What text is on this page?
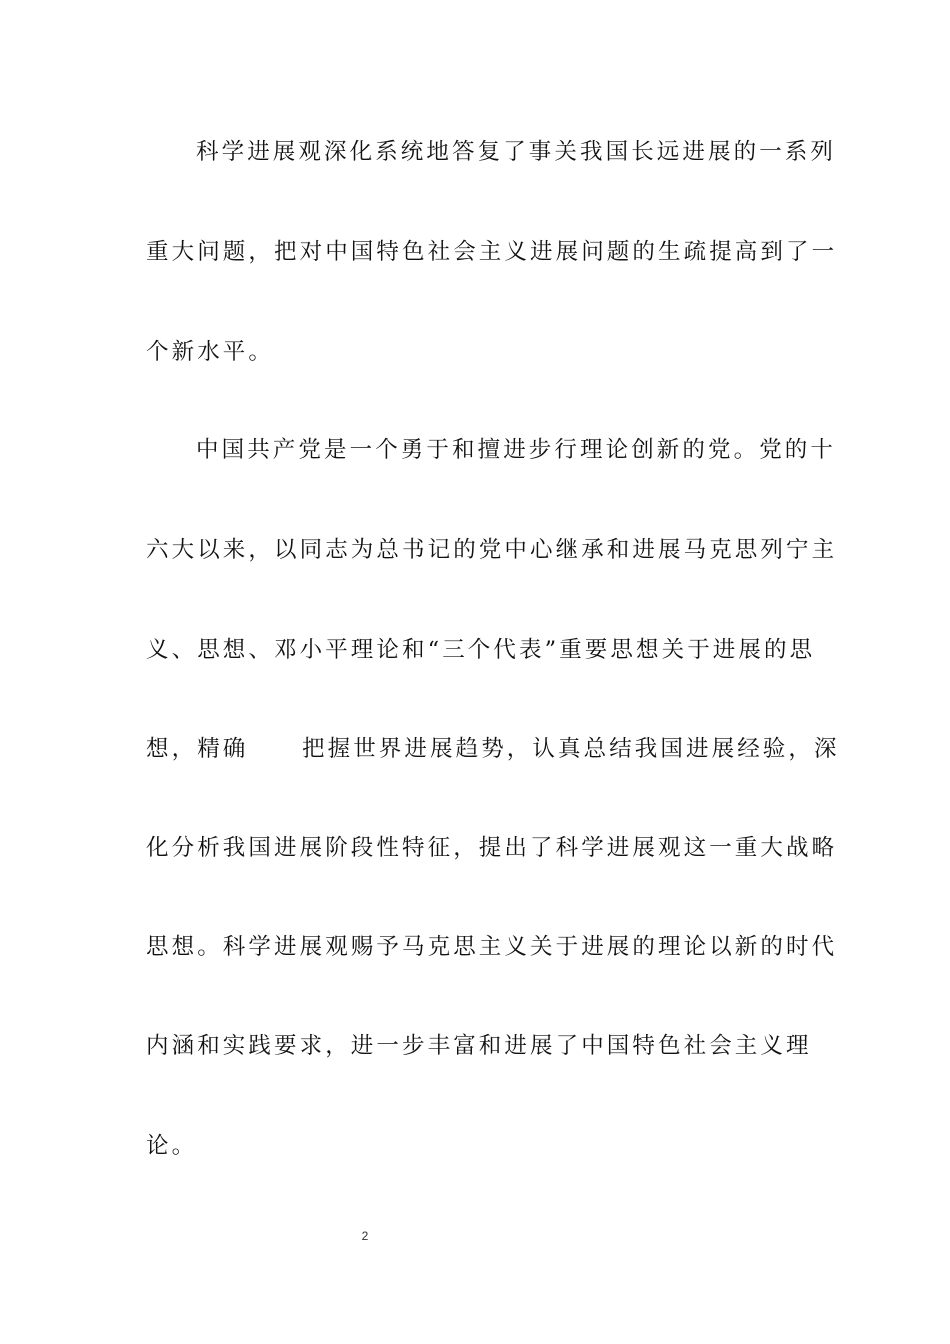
科学进展观深化系统地答复了事关我国长远进展的一系列
重大问题，把对中国特色社会主义进展问题的生疏提高到了一
个新水平。
中国共产党是一个勇于和擅进步行理论创新的党。党的十
六大以来，以同志为总书记的党中心继承和进展马克思列宁主
义、思想、邓小平理论和“三个代表”重要思想关于进展的思
想，精确 把握世界进展趋势，认真总结我国进展经验，深
化分析我国进展阶段性特征，提出了科学进展观这一重大战略
思想。科学进展观赐予马克思主义关于进展的理论以新的时代
内涵和实践要求，进一步丰富和进展了中国特色社会主义理
论。
2
